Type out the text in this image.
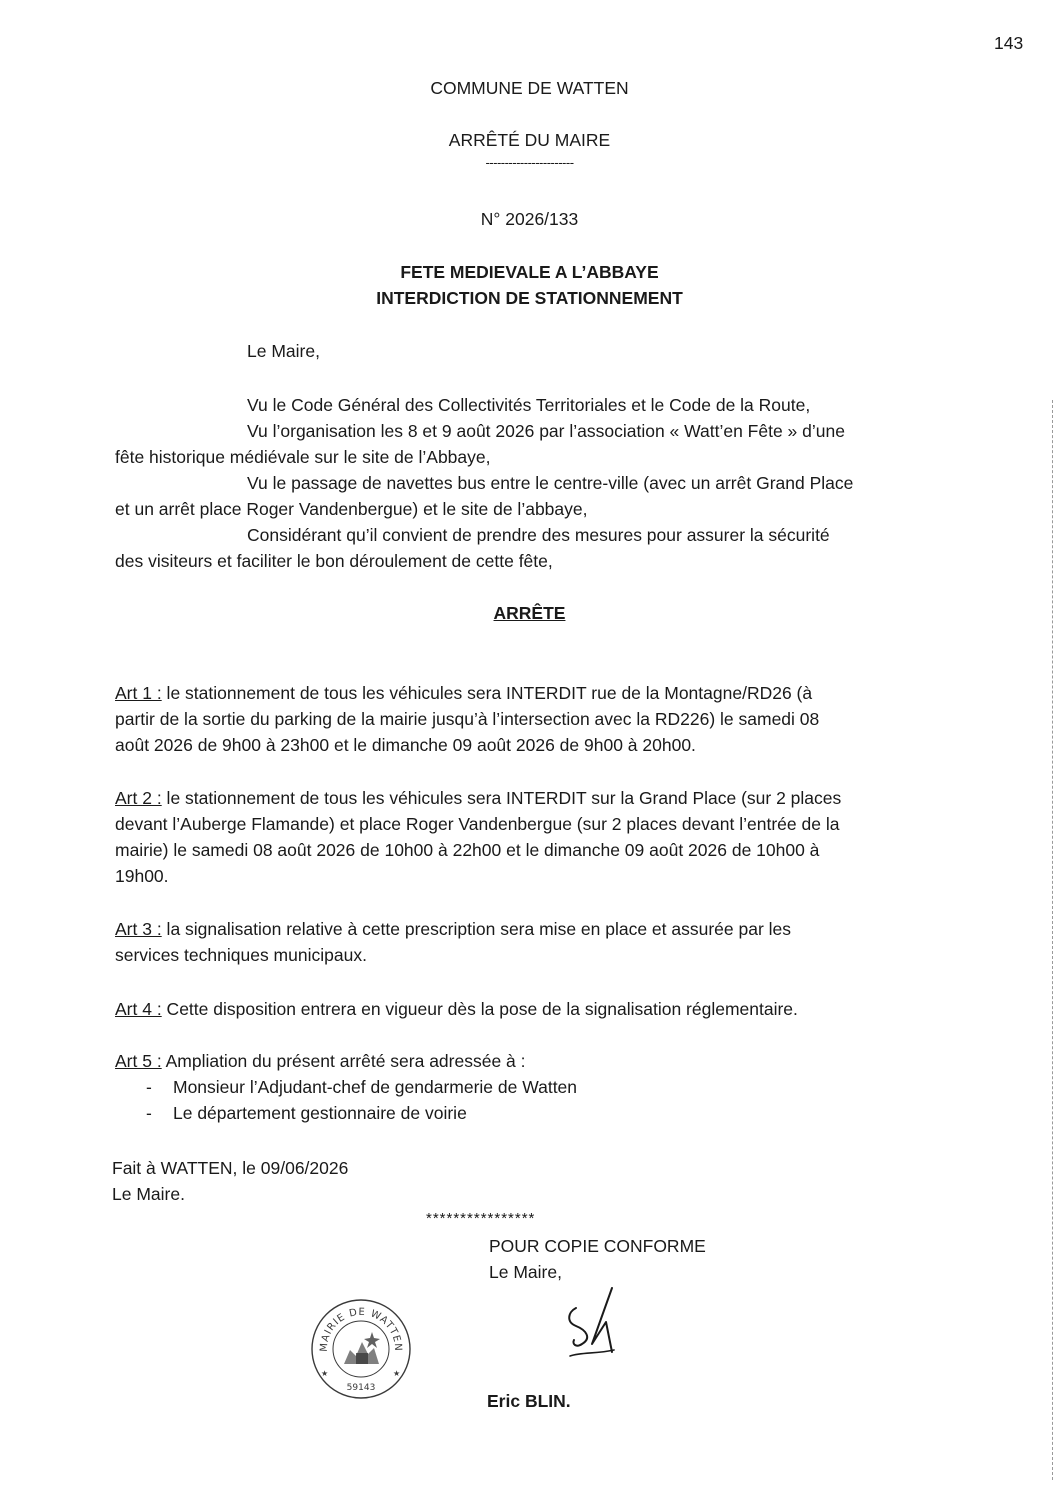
143
COMMUNE DE WATTEN
ARRÊTÉ DU MAIRE
-----------------------
N° 2026/133
FETE MEDIEVALE A L’ABBAYE
INTERDICTION DE STATIONNEMENT
Le Maire,
Vu le Code Général des Collectivités Territoriales et le Code de la Route,
Vu l’organisation les 8 et 9 août 2026 par l’association « Watt’en Fête » d’une
fête historique médiévale sur le site de l’Abbaye,
Vu le passage de navettes bus entre le centre-ville (avec un arrêt Grand Place
et un arrêt place Roger Vandenbergue) et le site de l’abbaye,
Considérant qu’il convient de prendre des mesures pour assurer la sécurité
des visiteurs et faciliter le bon déroulement de cette fête,
ARRÊTE
Art 1 : le stationnement de tous les véhicules sera INTERDIT rue de la Montagne/RD26 (à
partir de la sortie du parking de la mairie jusqu’à l’intersection avec la RD226) le samedi 08
août 2026 de 9h00 à 23h00 et le dimanche 09 août 2026 de 9h00 à 20h00.
Art 2 : le stationnement de tous les véhicules sera INTERDIT sur la Grand Place (sur 2 places
devant l’Auberge Flamande) et place Roger Vandenbergue (sur 2 places devant l’entrée de la
mairie) le samedi 08 août 2026 de 10h00 à 22h00 et le dimanche 09 août 2026 de 10h00 à
19h00.
Art 3 : la signalisation relative à cette prescription sera mise en place et assurée par les
services techniques municipaux.
Art 4 : Cette disposition entrera en vigueur dès la pose de la signalisation réglementaire.
Art 5 : Ampliation du présent arrêté sera adressée à :
- Monsieur l’Adjudant-chef de gendarmerie de Watten
- Le département gestionnaire de voirie
Fait à WATTEN, le 09/06/2026
Le Maire.
****************
POUR COPIE CONFORME
Le Maire,
MAIRIE DE WATTEN
59143
★	★
Eric BLIN.
